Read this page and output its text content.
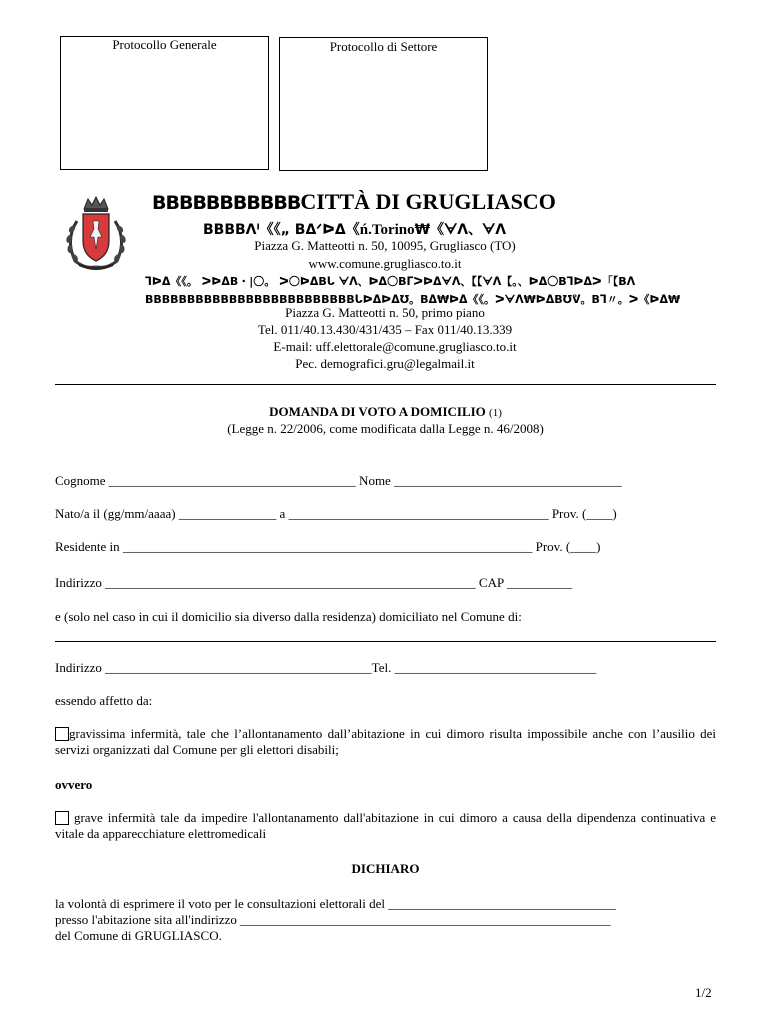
Protocollo Generale	Protocollo di Settore
BBBBBBBBBBBCITTÀ DI GRUGLIASCO
BBBBᐱᑊ《《„ Bᐃᐟᐅᐃ《ń.Torino₩《ᗄᐱ、ᗄᐱ
Piazza G. Matteotti n. 50, 10095, Grugliasco (TO)
www.comune.grugliasco.to.it
ᒣᐅᐃ《《。 ᐳᐅᐃB・|〇。 ᐳ〇ᐅᐃBᒐ ᗄᐱ、ᐅᐃ〇Bᒥᐳᐅᐃᗄᐱ、【【ᗄᐱ【。、ᐅᐃ〇Bᒣᐅᐃᐳ「【Bᐱ
BBBBBBBBBBBBBBBBBBBBBBBBBᒐᐅᐃᐅᐃ℧。Bᐃ₩ᐅᐃ《《。ᐳᗄᐱ₩ᐅᐃB℧ᕓ。Bᒣ〃。ᐳ《ᐅᐃ₩
Piazza G. Matteotti n. 50, primo piano
Tel. 011/40.13.430/431/435 – Fax 011/40.13.339
E-mail: uff.elettorale@comune.grugliasco.to.it
Pec. demografici.gru@legalmail.it
DOMANDA DI VOTO A DOMICILIO (1)
(Legge n. 22/2006, come modificata dalla Legge n. 46/2008)
Cognome ______________________________________ Nome ___________________________________
Nato/a il (gg/mm/aaaa) _______________ a ________________________________________ Prov. (____)
Residente in _______________________________________________________________ Prov. (____)
Indirizzo _________________________________________________________ CAP __________
e (solo nel caso in cui il domicilio sia diverso dalla residenza) domiciliato nel Comune di:
Indirizzo _________________________________________Tel. _______________________________
essendo affetto da:
gravissima infermità, tale che l’allontanamento dall’abitazione in cui dimoro risulta impossibile anche con l’ausilio dei servizi organizzati dal Comune per gli elettori disabili;
ovvero
grave infermità tale da impedire l'allontanamento dall'abitazione in cui dimoro a causa della dipendenza continuativa e vitale da apparecchiature elettromedicali
DICHIARO
la volontà di esprimere il voto per le consultazioni elettorali del ___________________________________
presso l'abitazione sita all'indirizzo _________________________________________________________
del Comune di GRUGLIASCO.
1/2
